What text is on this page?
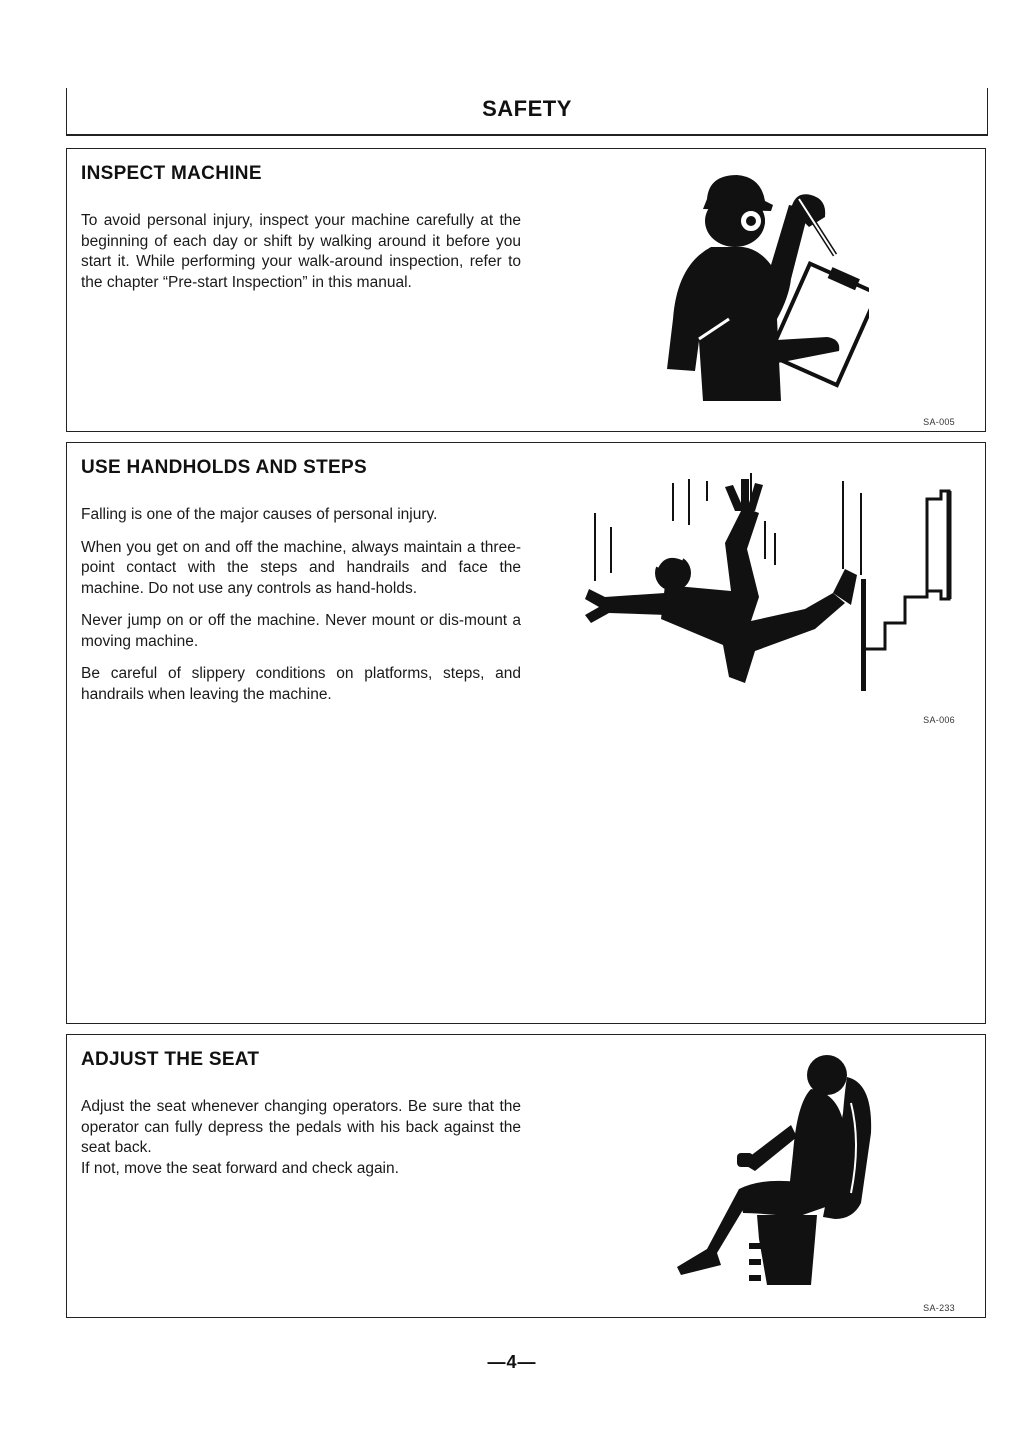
SAFETY
INSPECT MACHINE

To avoid personal injury, inspect your machine carefully at the beginning of each day or shift by walking around it before you start it. While performing your walk-around inspection, refer to the chapter “Pre-start Inspection” in this manual.

SA-005
USE HANDHOLDS AND STEPS

Falling is one of the major causes of personal injury.

When you get on and off the machine, always maintain a three-point contact with the steps and handrails and face the machine. Do not use any controls as hand-holds.

Never jump on or off the machine. Never mount or dis-mount a moving machine.

Be careful of slippery conditions on platforms, steps, and handrails when leaving the machine.

SA-006
ADJUST THE SEAT

Adjust the seat whenever changing operators. Be sure that the operator can fully depress the pedals with his back against the seat back.

If not, move the seat forward and check again.

SA-233
—4—
